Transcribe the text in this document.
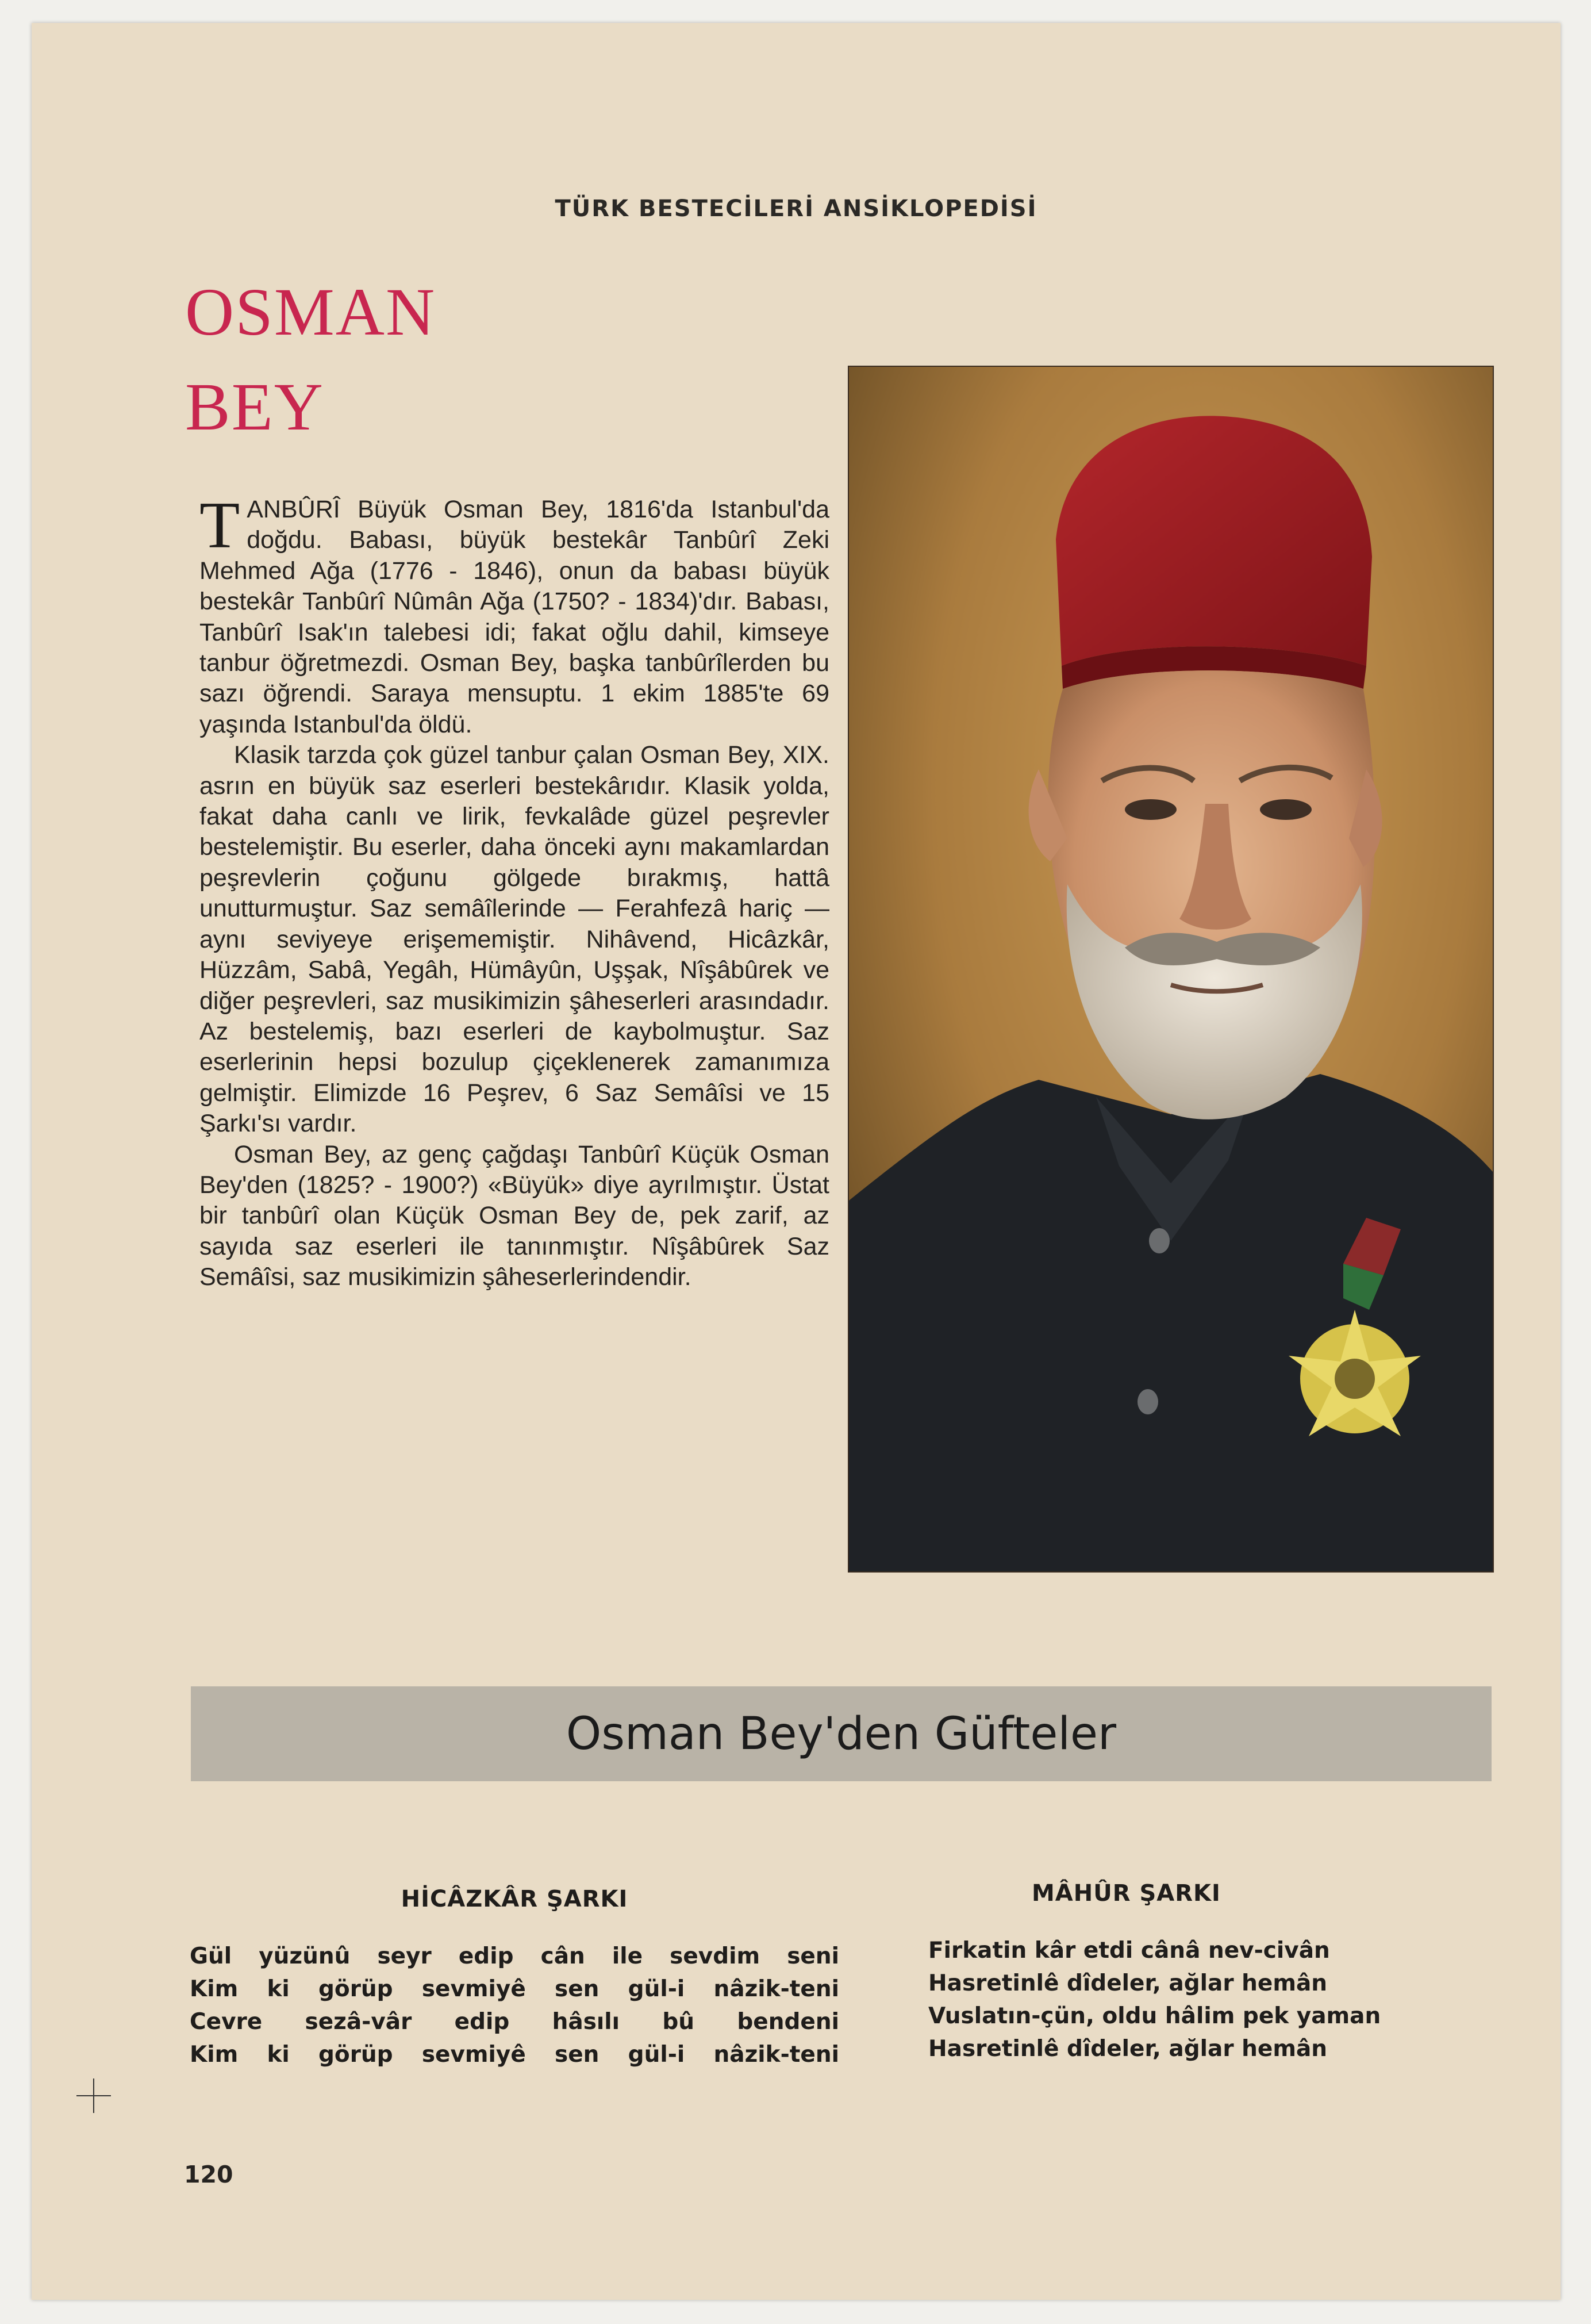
TÜRK BESTECİLERİ ANSİKLOPEDİSİ
OSMAN
BEY

TANBÛRÎ Büyük Osman Bey, 1816'da Istanbul'da doğdu. Babası, büyük bestekâr Tanbûrî Zeki Mehmed Ağa (1776 - 1846), onun da babası büyük bestekâr Tanbûrî Nûmân Ağa (1750? - 1834)'dır. Babası, Tanbûrî Isak'ın talebesi idi; fakat oğlu dahil, kimseye tanbur öğretmezdi. Osman Bey, başka tanbûrîlerden bu sazı öğrendi. Saraya mensuptu. 1 ekim 1885'te 69 yaşında Istanbul'da öldü.

Klasik tarzda çok güzel tanbur çalan Osman Bey, XIX. asrın en büyük saz eserleri bestekârıdır. Klasik yolda, fakat daha canlı ve lirik, fevkalâde güzel peşrevler bestelemiştir. Bu eserler, daha önceki aynı makamlardan peşrevlerin çoğunu gölgede bırakmış, hattâ unutturmuştur. Saz semâîlerinde — Ferahfezâ hariç — aynı seviyeye erişememiştir. Nihâvend, Hicâzkâr, Hüzzâm, Sabâ, Yegâh, Hümâyûn, Uşşak, Nîşâbûrek ve diğer peşrevleri, saz musikimizin şâheserleri arasındadır. Az bestelemiş, bazı eserleri de kaybolmuştur. Saz eserlerinin hepsi bozulup çiçeklenerek zamanımıza gelmiştir. Elimizde 16 Peşrev, 6 Saz Semâîsi ve 15 Şarkı'sı vardır.

Osman Bey, az genç çağdaşı Tanbûrî Küçük Osman Bey'den (1825? - 1900?) «Büyük» diye ayrılmıştır. Üstat bir tanbûrî olan Küçük Osman Bey de, pek zarif, az sayıda saz eserleri ile tanınmıştır. Nîşâbûrek Saz Semâîsi, saz musikimizin şâheserlerindendir.

Osman Bey'den Güfteler
HİCÂZKÂR ŞARKI
Gül yüzünû seyr edip cân ile sevdim seni
Kim ki görüp sevmiyê sen gül-i nâzik-teni
Cevre sezâ-vâr edip hâsılı bû bendeni
Kim ki görüp sevmiyê sen gül-i nâzik-teni
MÂHÛR ŞARKI
Firkatin kâr etdi cânâ nev-civân
Hasretinlê dîdeler, ağlar hemân
Vuslatın-çün, oldu hâlim pek yaman
Hasretinlê dîdeler, ağlar hemân
120
